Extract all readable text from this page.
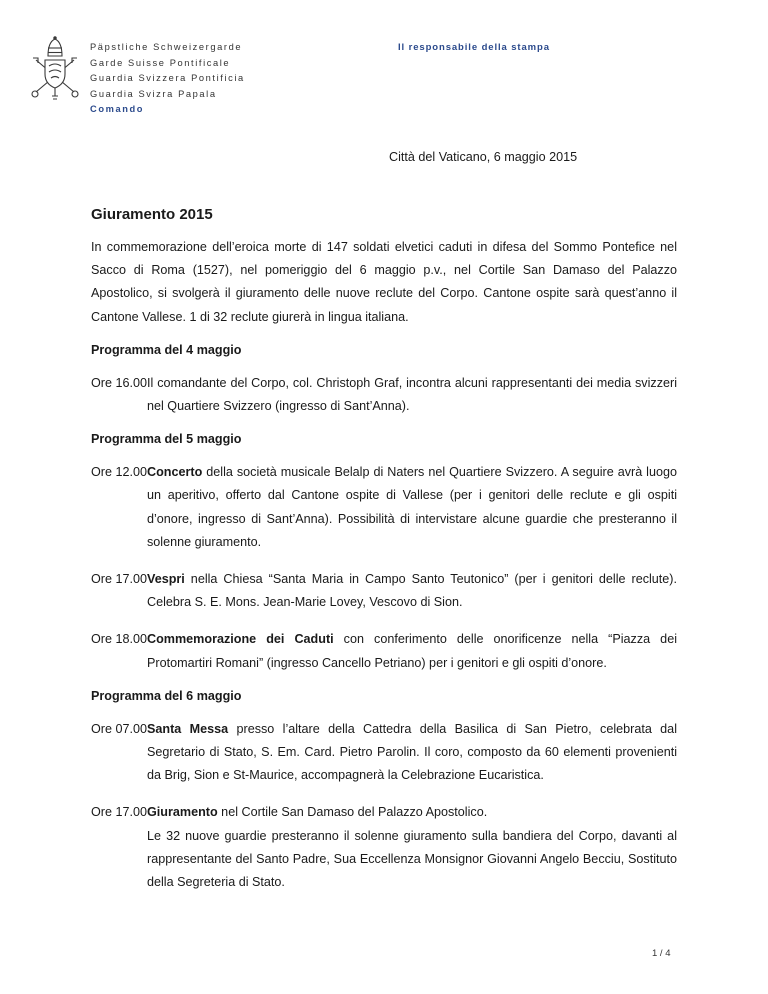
Päpstliche Schweizergarde
Garde Suisse Pontificale
Guardia Svizzera Pontificia
Guardia Svizra Papala
Comando
Il responsabile della stampa
Città del Vaticano, 6 maggio 2015
Giuramento 2015

In commemorazione dell’eroica morte di 147 soldati elvetici caduti in difesa del Sommo Pontefice nel Sacco di Roma (1527), nel pomeriggio del 6 maggio p.v., nel Cortile San Damaso del Palazzo Apostolico, si svolgerà il giuramento delle nuove reclute del Corpo. Cantone ospite sarà quest’anno il Cantone Vallese. 1 di 32 reclute giurerà in lingua italiana.

Programma del 4 maggio
Ore 16.00 Il comandante del Corpo, col. Christoph Graf, incontra alcuni rappresentanti dei media svizzeri nel Quartiere Svizzero (ingresso di Sant’Anna).
Programma del 5 maggio
Ore 12.00 Concerto della società musicale Belalp di Naters nel Quartiere Svizzero. A seguire avrà luogo un aperitivo, offerto dal Cantone ospite di Vallese (per i genitori delle reclute e gli ospiti d’onore, ingresso di Sant’Anna). Possibilità di intervistare alcune guardie che presteranno il solenne giuramento.
Ore 17.00 Vespri nella Chiesa “Santa Maria in Campo Santo Teutonico” (per i genitori delle reclute). Celebra S. E. Mons. Jean-Marie Lovey, Vescovo di Sion.
Ore 18.00 Commemorazione dei Caduti con conferimento delle onorificenze nella “Piazza dei Protomartiri Romani” (ingresso Cancello Petriano) per i genitori e gli ospiti d’onore.
Programma del 6 maggio
Ore 07.00 Santa Messa presso l’altare della Cattedra della Basilica di San Pietro, celebrata dal Segretario di Stato, S. Em. Card. Pietro Parolin. Il coro, composto da 60 elementi provenienti da Brig, Sion e St-Maurice, accompagnerà la Celebrazione Eucaristica.
Ore 17.00 Giuramento nel Cortile San Damaso del Palazzo Apostolico.
Le 32 nuove guardie presteranno il solenne giuramento sulla bandiera del Corpo, davanti al rappresentante del Santo Padre, Sua Eccellenza Monsignor Giovanni Angelo Becciu, Sostituto della Segreteria di Stato.
1 / 4
